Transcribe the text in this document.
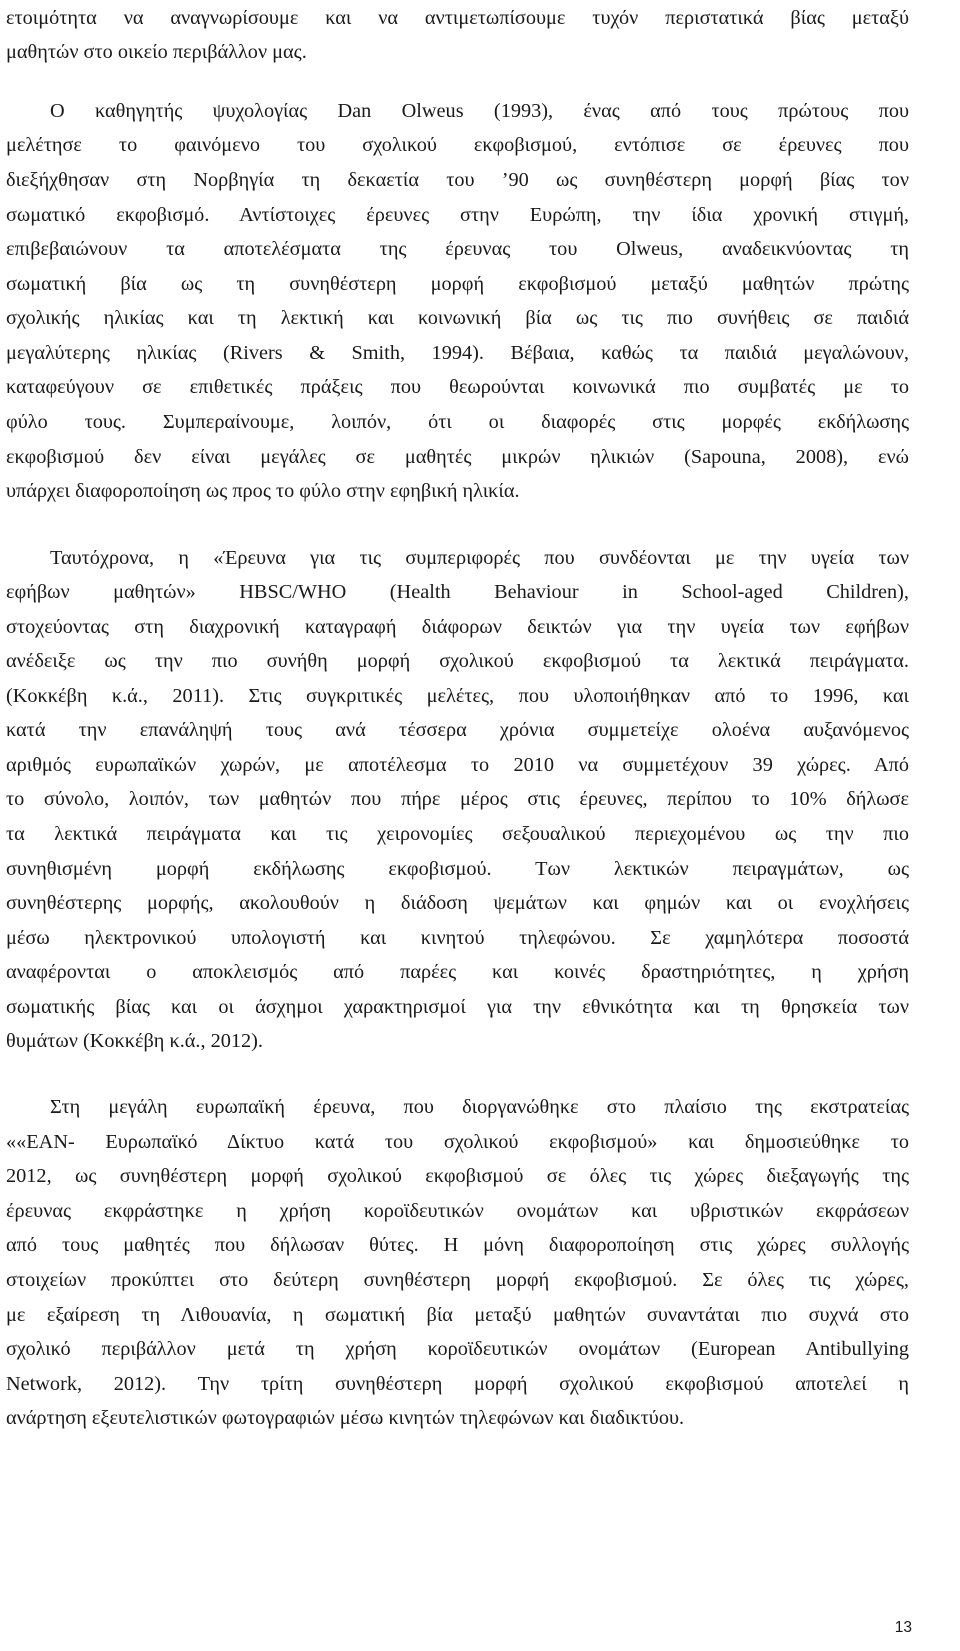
ετοιμότητα να αναγνωρίσουμε και να αντιμετωπίσουμε τυχόν περιστατικά βίας μεταξύ

μαθητών στο οικείο περιβάλλον μας.

Ο καθηγητής ψυχολογίας Dan Olweus (1993), ένας από τους πρώτους που

μελέτησε το φαινόμενο του σχολικού εκφοβισμού, εντόπισε σε έρευνες που

διεξήχθησαν στη Νορβηγία τη δεκαετία του ’90 ως συνηθέστερη μορφή βίας τον

σωματικό εκφοβισμό. Αντίστοιχες έρευνες στην Ευρώπη, την ίδια χρονική στιγμή,

επιβεβαιώνουν τα αποτελέσματα της έρευνας του Olweus, αναδεικνύοντας τη

σωματική βία ως τη συνηθέστερη μορφή εκφοβισμού μεταξύ μαθητών πρώτης

σχολικής ηλικίας και τη λεκτική και κοινωνική βία ως τις πιο συνήθεις σε παιδιά

μεγαλύτερης ηλικίας (Rivers & Smith, 1994). Βέβαια, καθώς τα παιδιά μεγαλώνουν,

καταφεύγουν σε επιθετικές πράξεις που θεωρούνται κοινωνικά πιο συμβατές με το

φύλο τους. Συμπεραίνουμε, λοιπόν, ότι οι διαφορές στις μορφές εκδήλωσης

εκφοβισμού δεν είναι μεγάλες σε μαθητές μικρών ηλικιών (Sapouna, 2008), ενώ

υπάρχει διαφοροποίηση ως προς το φύλο στην εφηβική ηλικία.

Ταυτόχρονα, η «Έρευνα για τις συμπεριφορές που συνδέονται με την υγεία των

εφήβων μαθητών» HBSC/WHO (Health Behaviour in School-aged Children),

στοχεύοντας στη διαχρονική καταγραφή διάφορων δεικτών για την υγεία των εφήβων

ανέδειξε ως την πιο συνήθη μορφή σχολικού εκφοβισμού τα λεκτικά πειράγματα.

(Κοκκέβη κ.ά., 2011). Στις συγκριτικές μελέτες, που υλοποιήθηκαν από το 1996, και

κατά την επανάληψή τους ανά τέσσερα χρόνια συμμετείχε ολοένα αυξανόμενος

αριθμός ευρωπαϊκών χωρών, με αποτέλεσμα το 2010 να συμμετέχουν 39 χώρες. Από

το σύνολο, λοιπόν, των μαθητών που πήρε μέρος στις έρευνες, περίπου το 10% δήλωσε

τα λεκτικά πειράγματα και τις χειρονομίες σεξουαλικού περιεχομένου ως την πιο

συνηθισμένη μορφή εκδήλωσης εκφοβισμού. Των λεκτικών πειραγμάτων, ως

συνηθέστερης μορφής, ακολουθούν η διάδοση ψεμάτων και φημών και οι ενοχλήσεις

μέσω ηλεκτρονικού υπολογιστή και κινητού τηλεφώνου. Σε χαμηλότερα ποσοστά

αναφέρονται ο αποκλεισμός από παρέες και κοινές δραστηριότητες, η χρήση

σωματικής βίας και οι άσχημοι χαρακτηρισμοί για την εθνικότητα και τη θρησκεία των

θυμάτων (Κοκκέβη κ.ά., 2012).

Στη μεγάλη ευρωπαϊκή έρευνα, που διοργανώθηκε στο πλαίσιο της εκστρατείας

««ΕΑΝ- Ευρωπαϊκό Δίκτυο κατά του σχολικού εκφοβισμού» και δημοσιεύθηκε το

2012, ως συνηθέστερη μορφή σχολικού εκφοβισμού σε όλες τις χώρες διεξαγωγής της

έρευνας εκφράστηκε η χρήση κοροϊδευτικών ονομάτων και υβριστικών εκφράσεων

από τους μαθητές που δήλωσαν θύτες. Η μόνη διαφοροποίηση στις χώρες συλλογής

στοιχείων προκύπτει στο δεύτερη συνηθέστερη μορφή εκφοβισμού. Σε όλες τις χώρες,

με εξαίρεση τη Λιθουανία, η σωματική βία μεταξύ μαθητών συναντάται πιο συχνά στο

σχολικό περιβάλλον μετά τη χρήση κοροϊδευτικών ονομάτων (European Antibullying

Network, 2012). Την τρίτη συνηθέστερη μορφή σχολικού εκφοβισμού αποτελεί η

ανάρτηση εξευτελιστικών φωτογραφιών μέσω κινητών τηλεφώνων και διαδικτύου.

13
